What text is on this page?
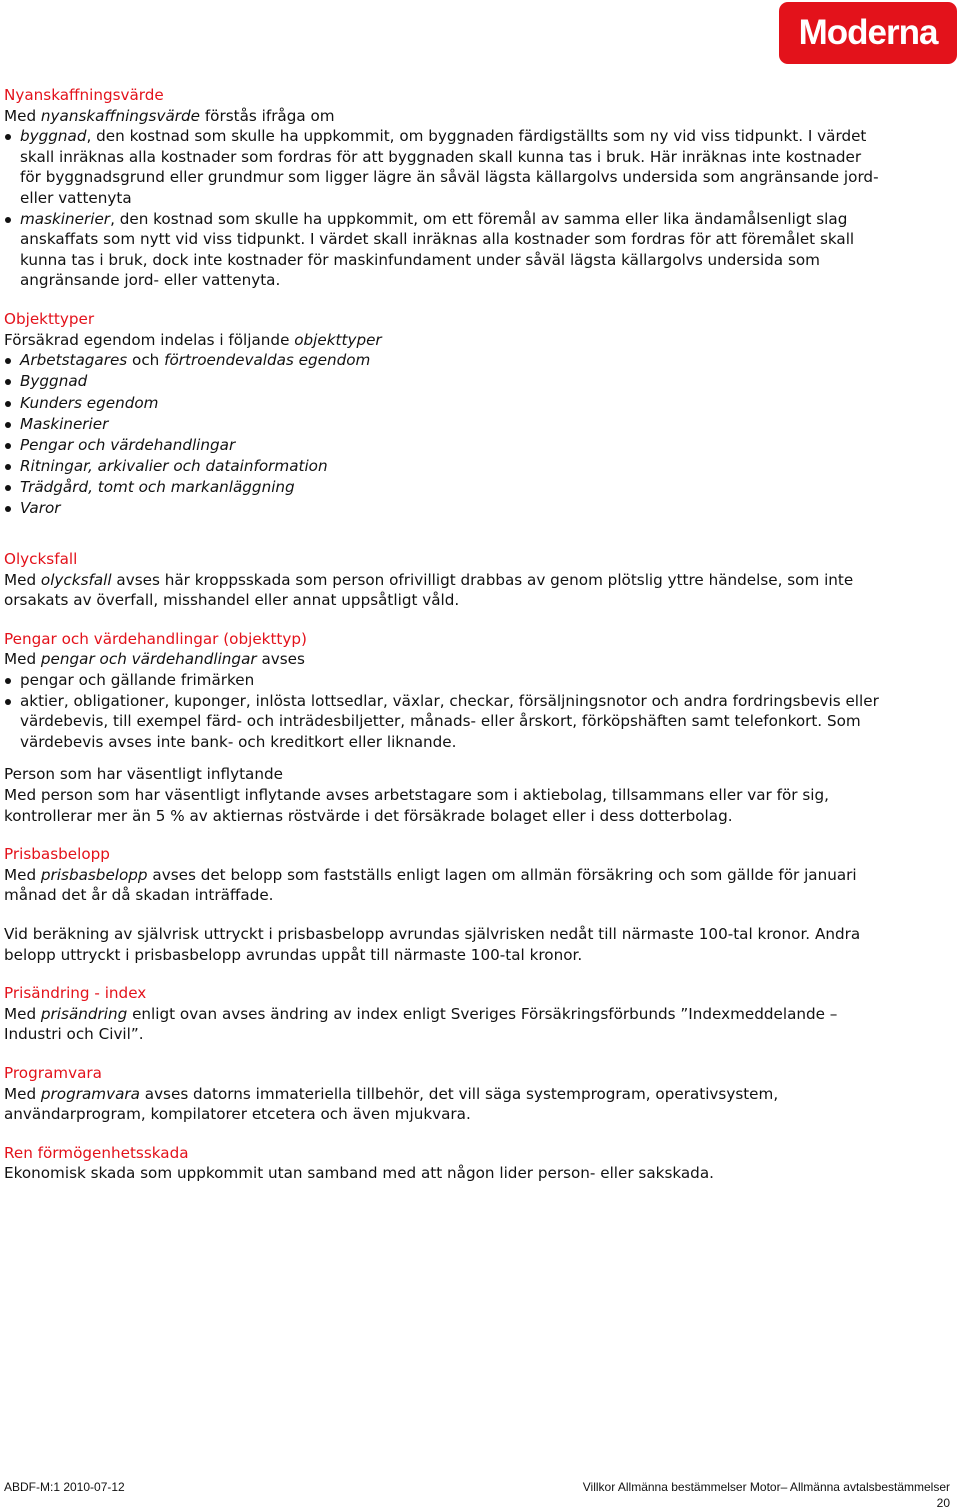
Moderna
Nyanskaffningsvärde
Med nyanskaffningsvärde förstås ifråga om
byggnad, den kostnad som skulle ha uppkommit, om byggnaden färdigställts som ny vid viss tidpunkt. I värdet skall inräknas alla kostnader som fordras för att byggnaden skall kunna tas i bruk. Här inräknas inte kostnader för byggnadsgrund eller grundmur som ligger lägre än såväl lägsta källargolvs undersida som angränsande jord- eller vattenyta
maskinerier, den kostnad som skulle ha uppkommit, om ett föremål av samma eller lika ändamålsenligt slag anskaffats som nytt vid viss tidpunkt. I värdet skall inräknas alla kostnader som fordras för att föremålet skall kunna tas i bruk, dock inte kostnader för maskinfundament under såväl lägsta källargolvs undersida som angränsande jord- eller vattenyta.
Objekttyper
Försäkrad egendom indelas i följande objekttyper
Arbetstagares och förtroendevaldas egendom
Byggnad
Kunders egendom
Maskinerier
Pengar och värdehandlingar
Ritningar, arkivalier och datainformation
Trädgård, tomt och markanläggning
Varor
Olycksfall
Med olycksfall avses här kroppsskada som person ofrivilligt drabbas av genom plötslig yttre händelse, som inte orsakats av överfall, misshandel eller annat uppsåtligt våld.
Pengar och värdehandlingar (objekttyp)
Med pengar och värdehandlingar avses
pengar och gällande frimärken
aktier, obligationer, kuponger, inlösta lottsedlar, växlar, checkar, försäljningsnotor och andra fordringsbevis eller värdebevis, till exempel färd- och inträdesbiljetter, månads- eller årskort, förköpshäften samt telefonkort. Som värdebevis avses inte bank- och kreditkort eller liknande.
Person som har väsentligt inflytande
Med person som har väsentligt inflytande avses arbetstagare som i aktiebolag, tillsammans eller var för sig, kontrollerar mer än 5 % av aktiernas röstvärde i det försäkrade bolaget eller i dess dotterbolag.
Prisbasbelopp
Med prisbasbelopp avses det belopp som fastställs enligt lagen om allmän försäkring och som gällde för januari månad det år då skadan inträffade.
Vid beräkning av självrisk uttryckt i prisbasbelopp avrundas självrisken nedåt till närmaste 100-tal kronor. Andra belopp uttryckt i prisbasbelopp avrundas uppåt till närmaste 100-tal kronor.
Prisändring - index
Med prisändring enligt ovan avses ändring av index enligt Sveriges Försäkringsförbunds ”Indexmeddelande – Industri och Civil”.
Programvara
Med programvara avses datorns immateriella tillbehör, det vill säga systemprogram, operativsystem, användarprogram, kompilatorer etcetera och även mjukvara.
Ren förmögenhetsskada
Ekonomisk skada som uppkommit utan samband med att någon lider person- eller sakskada.
ABDF-M:1 2010-07-12	Villkor Allmänna bestämmelser Motor– Allmänna avtalsbestämmelser
20
